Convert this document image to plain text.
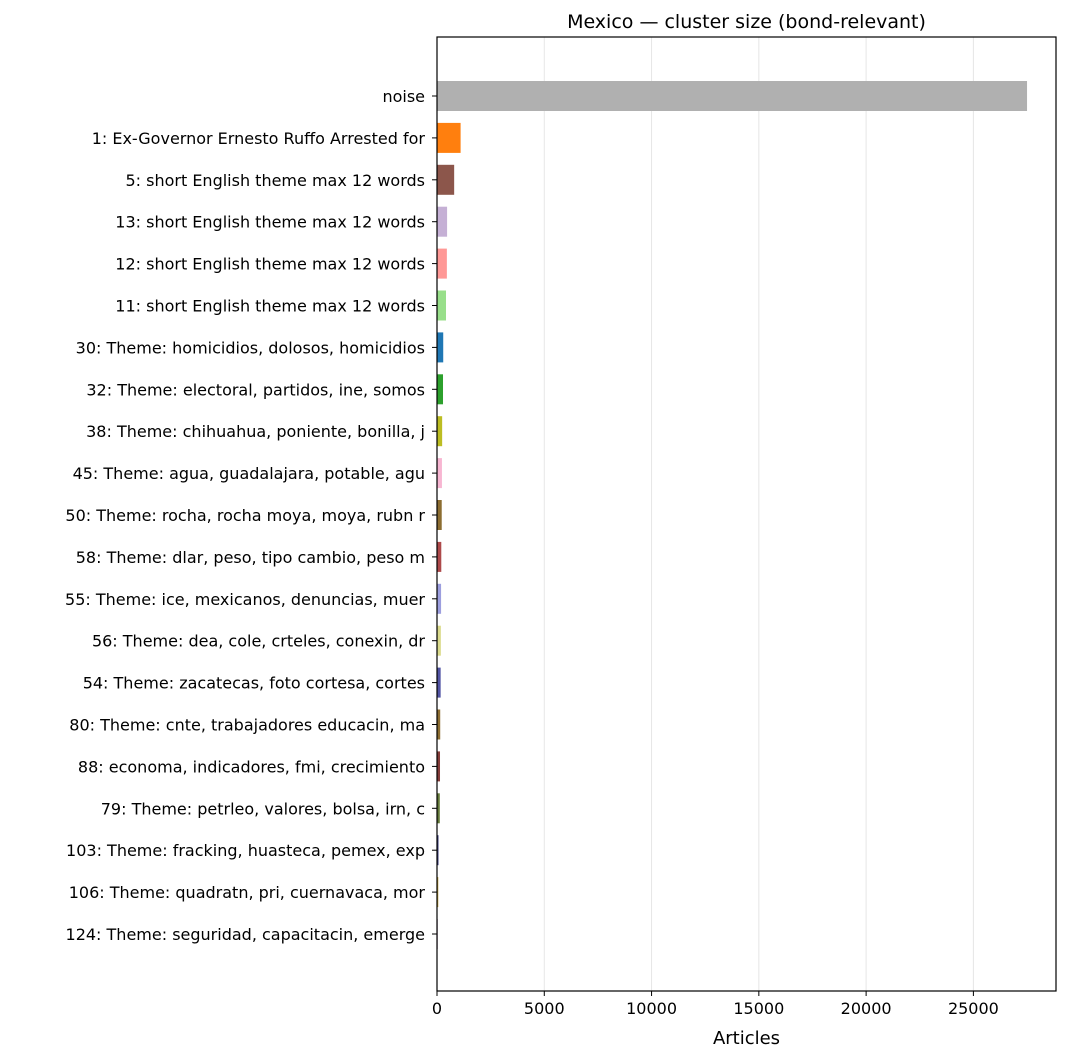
Mexico — cluster size (bond-relevant)
noise
1: Ex-Governor Ernesto Ruffo Arrested for
5: short English theme max 12 words
13: short English theme max 12 words
12: short English theme max 12 words
11: short English theme max 12 words
30: Theme: homicidios, dolosos, homicidios
32: Theme: electoral, partidos, ine, somos
38: Theme: chihuahua, poniente, bonilla, j
45: Theme: agua, guadalajara, potable, agu
50: Theme: rocha, rocha moya, moya, rubn r
58: Theme: dlar, peso, tipo cambio, peso m
55: Theme: ice, mexicanos, denuncias, muer
56: Theme: dea, cole, crteles, conexin, dr
54: Theme: zacatecas, foto cortesa, cortes
80: Theme: cnte, trabajadores educacin, ma
88: economa, indicadores, fmi, crecimiento
79: Theme: petrleo, valores, bolsa, irn, c
103: Theme: fracking, huasteca, pemex, exp
106: Theme: quadratn, pri, cuernavaca, mor
124: Theme: seguridad, capacitacin, emerge
0	5000	10000	15000	20000	25000
Articles
